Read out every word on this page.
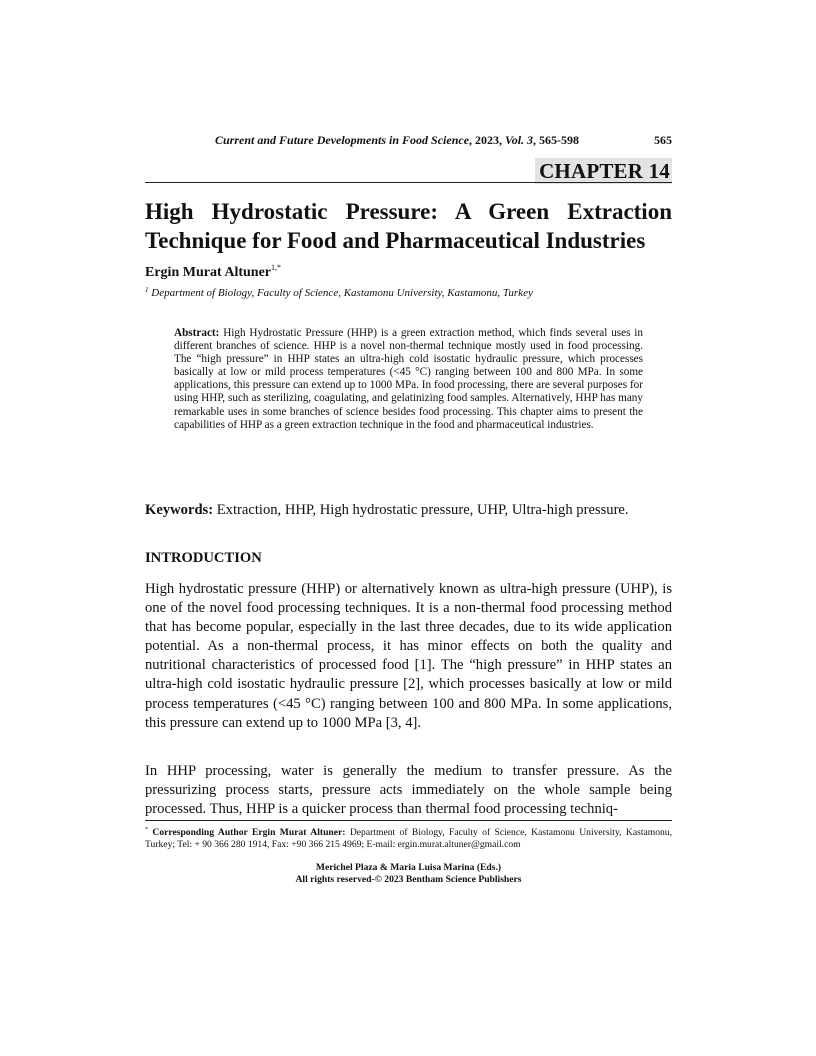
Current and Future Developments in Food Science, 2023, Vol. 3, 565-598	565
CHAPTER 14
High Hydrostatic Pressure: A Green Extraction
Technique for Food and Pharmaceutical Industries
Ergin Murat Altuner$^{1,*}$
$^1$ Department of Biology, Faculty of Science, Kastamonu University, Kastamonu, Turkey

Abstract: High Hydrostatic Pressure (HHP) is a green extraction method, which finds several uses in different branches of science. HHP is a novel non-thermal technique mostly used in food processing. The “high pressure” in HHP states an ultra-high cold isostatic hydraulic pressure, which processes basically at low or mild process temperatures (<45 °C) ranging between 100 and 800 MPa. In some applications, this pressure can extend up to 1000 MPa. In food processing, there are several purposes for using HHP, such as sterilizing, coagulating, and gelatinizing food samples. Alternatively, HHP has many remarkable uses in some branches of science besides food processing. This chapter aims to present the capabilities of HHP as a green extraction technique in the food and pharmaceutical industries.

Keywords: Extraction, HHP, High hydrostatic pressure, UHP, Ultra-high pressure.

INTRODUCTION

High hydrostatic pressure (HHP) or alternatively known as ultra-high pressure (UHP), is one of the novel food processing techniques. It is a non-thermal food processing method that has become popular, especially in the last three decades, due to its wide application potential. As a non-thermal process, it has minor effects on both the quality and nutritional characteristics of processed food [1]. The “high pressure” in HHP states an ultra-high cold isostatic hydraulic pressure [2], which processes basically at low or mild process temperatures (<45 °C) ranging between 100 and 800 MPa. In some applications, this pressure can extend up to 1000 MPa [3, 4].

In HHP processing, water is generally the medium to transfer pressure. As the pressurizing process starts, pressure acts immediately on the whole sample being processed. Thus, HHP is a quicker process than thermal food processing techniq-

* Corresponding Author Ergin Murat Altuner: Department of Biology, Faculty of Science, Kastamonu University, Kastamonu, Turkey; Tel: + 90 366 280 1914, Fax: +90 366 215 4969; E-mail: ergin.murat.altuner@gmail.com

Merichel Plaza & Maria Luisa Marina (Eds.)
All rights reserved-© 2023 Bentham Science Publishers
